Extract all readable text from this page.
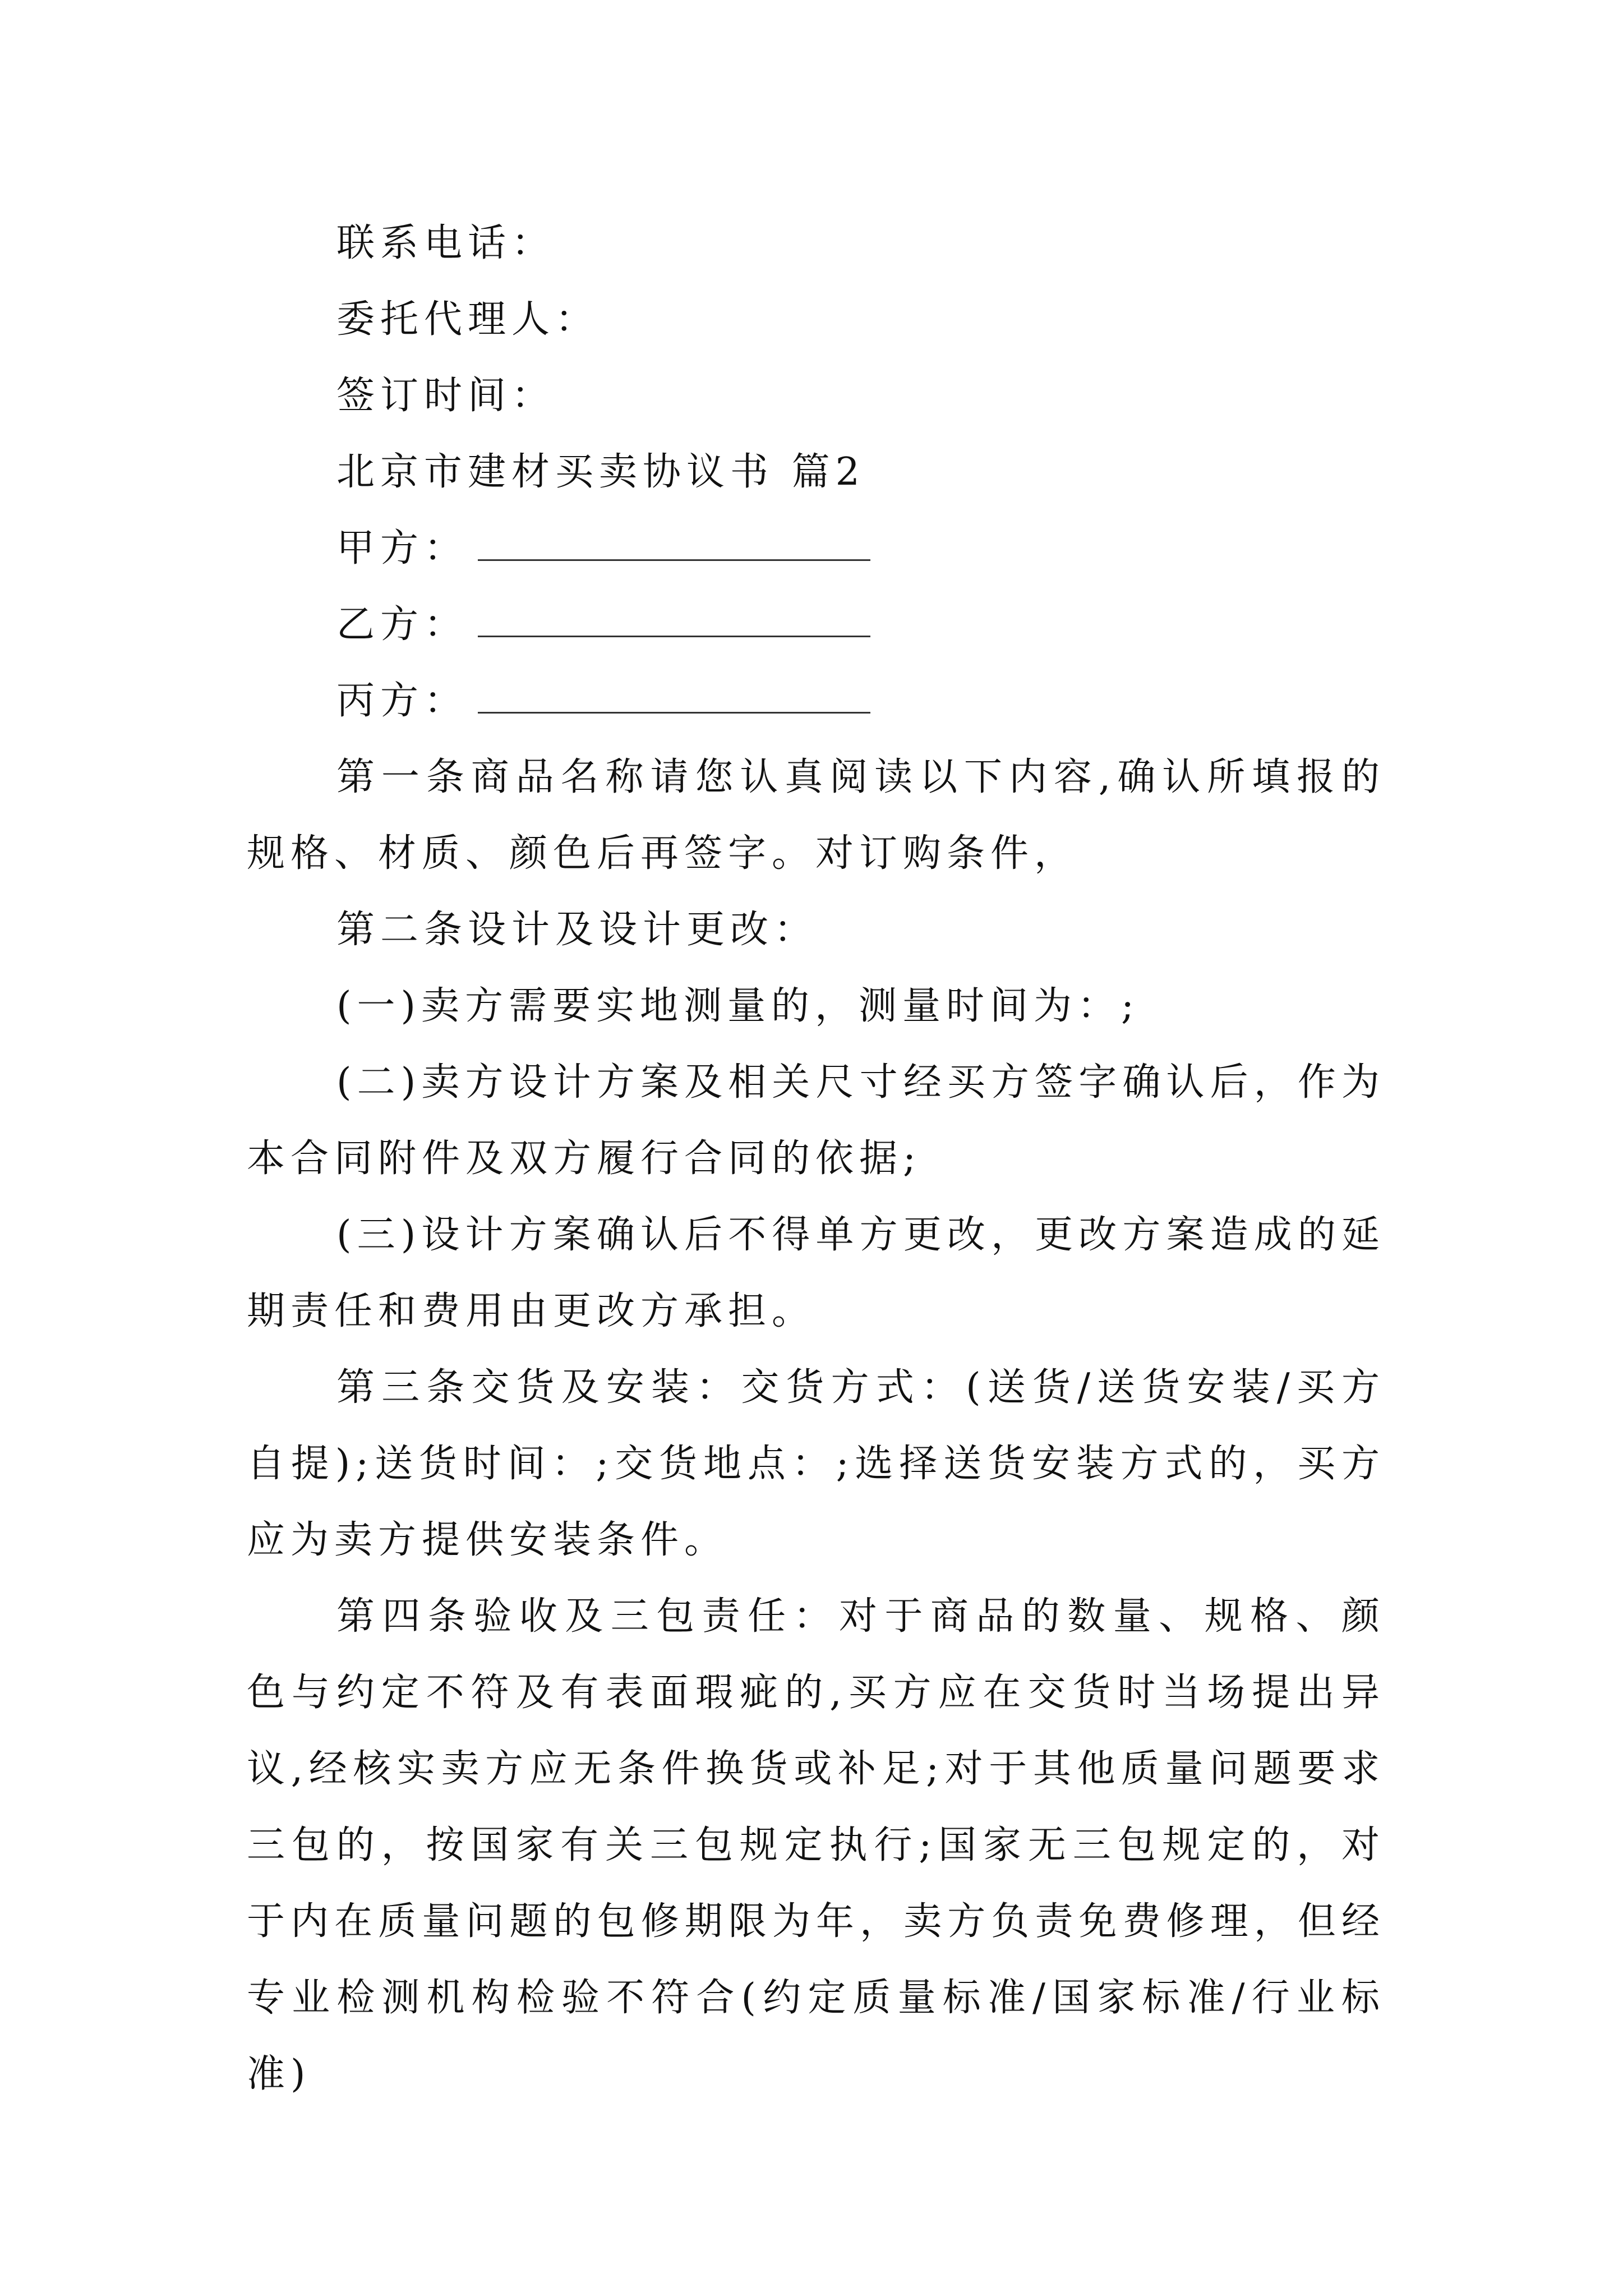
联系电话：

委托代理人：

签订时间：

北京市建材买卖协议书 篇2

甲方：

乙方：

丙方：

第一条商品名称请您认真阅读以下内容,确认所填报的规格、材质、颜色后再签字。对订购条件，

第二条设计及设计更改：

(一)卖方需要实地测量的，测量时间为：;

(二)卖方设计方案及相关尺寸经买方签字确认后，作为本合同附件及双方履行合同的依据;

(三)设计方案确认后不得单方更改，更改方案造成的延期责任和费用由更改方承担。

第三条交货及安装：交货方式：(送货/送货安装/买方自提);送货时间：;交货地点：;选择送货安装方式的，买方应为卖方提供安装条件。

第四条验收及三包责任：对于商品的数量、规格、颜色与约定不符及有表面瑕疵的,买方应在交货时当场提出异议,经核实卖方应无条件换货或补足;对于其他质量问题要求三包的，按国家有关三包规定执行;国家无三包规定的，对于内在质量问题的包修期限为年，卖方负责免费修理，但经专业检测机构检验不符合(约定质量标准/国家标准/行业标准)
